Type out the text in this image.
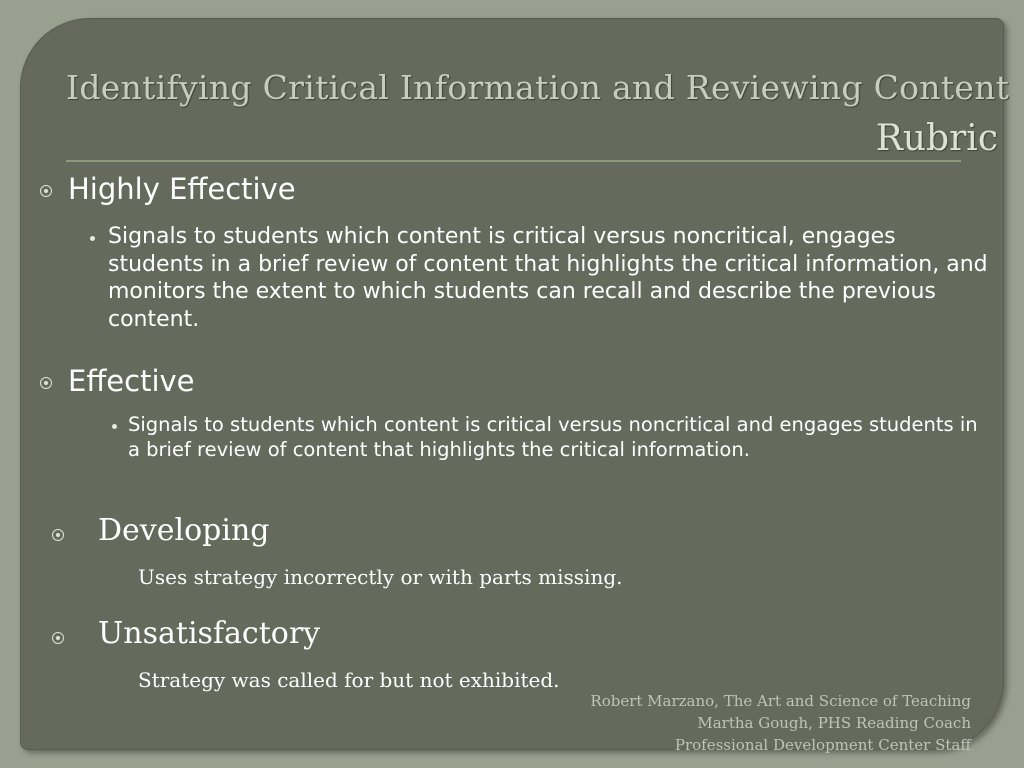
Identifying Critical Information and Reviewing Content
Rubric
Highly Effective
Signals to students which content is critical versus noncritical, engages students in a brief review of content that highlights the critical information, and monitors the extent to which students can recall and describe the previous content.
Effective
Signals to students which content is critical versus noncritical and engages students in a brief review of content that highlights the critical information.
Developing
Uses strategy incorrectly or with parts missing.
Unsatisfactory
Strategy was called for but not exhibited.
Robert Marzano, The Art and Science of Teaching
Martha Gough, PHS Reading Coach
Professional Development Center Staff
